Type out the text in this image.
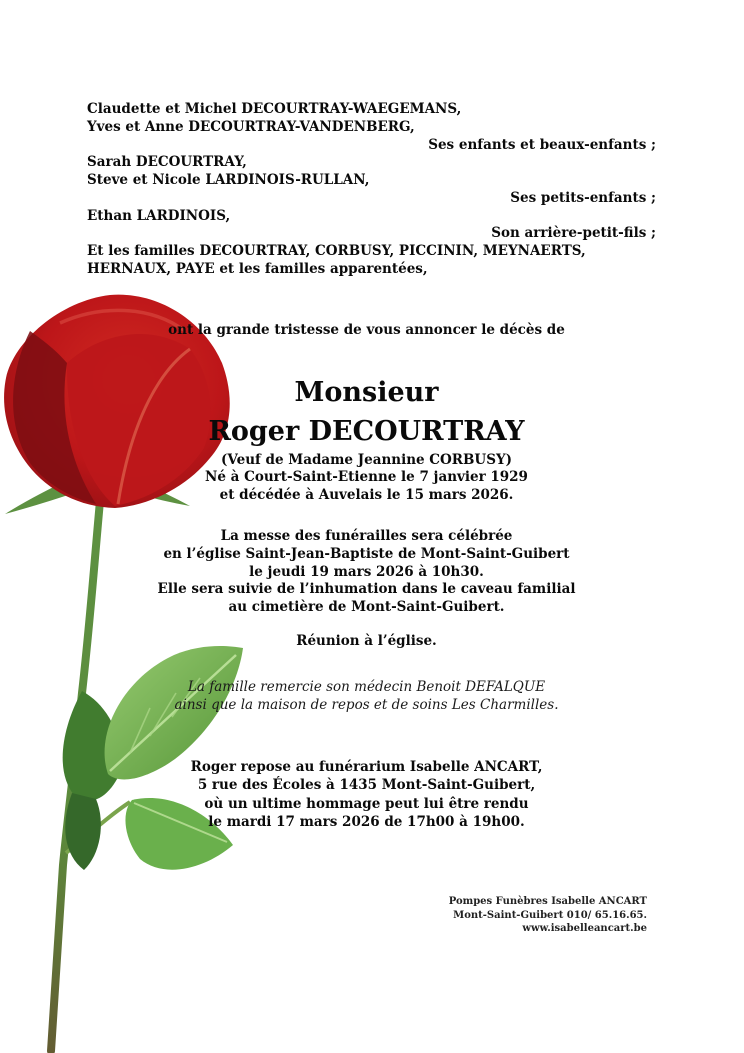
Claudette et Michel DECOURTRAY-WAEGEMANS,
Yves et Anne DECOURTRAY-VANDENBERG,
Ses enfants et beaux-enfants ;
Sarah DECOURTRAY,
Steve et Nicole LARDINOIS-RULLAN,
Ses petits-enfants ;
Ethan LARDINOIS,
Son arrière-petit-fils ;
Et les familles DECOURTRAY, CORBUSY, PICCININ, MEYNAERTS,
HERNAUX, PAYE et les familles apparentées,
ont la grande tristesse de vous annoncer le décès de
Monsieur
Roger DECOURTRAY
(Veuf de Madame Jeannine CORBUSY)
Né à Court-Saint-Etienne le 7 janvier 1929
et décédée à Auvelais le 15 mars 2026.
La messe des funérailles sera célébrée
en l’église Saint-Jean-Baptiste de Mont-Saint-Guibert
le jeudi 19 mars 2026 à 10h30.
Elle sera suivie de l’inhumation dans le caveau familial
au cimetière de Mont-Saint-Guibert.
Réunion à l’église.
La famille remercie son médecin Benoit DEFALQUE
ainsi que la maison de repos et de soins Les Charmilles.
Roger repose au funérarium Isabelle ANCART,
5 rue des Écoles à 1435 Mont-Saint-Guibert,
où un ultime hommage peut lui être rendu
le mardi 17 mars 2026 de 17h00 à 19h00.
Pompes Funèbres Isabelle ANCART
Mont-Saint-Guibert 010/ 65.16.65.
www.isabelleancart.be
